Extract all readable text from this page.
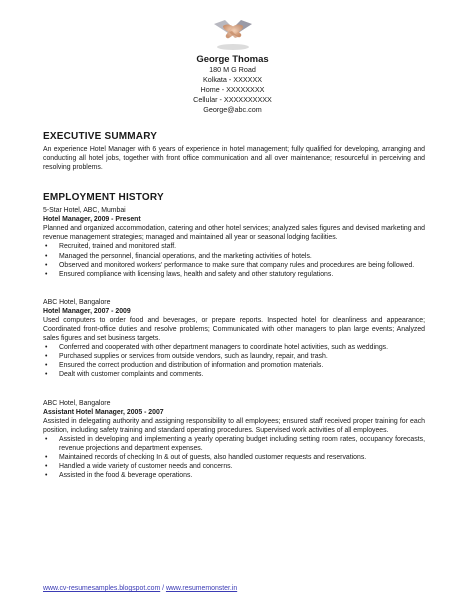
George Thomas
180 M G Road
Kolkata - XXXXXX
Home - XXXXXXXX
Cellular - XXXXXXXXXX
George@abc.com
EXECUTIVE SUMMARY

An experience Hotel Manager with 6 years of experience in hotel management; fully qualified for developing, arranging and conducting all hotel jobs, together with front office communication and all over maintenance; resourceful in perceiving and resolving problems.

EMPLOYMENT HISTORY
5-Star Hotel, ABC, Mumbai
Hotel Manager, 2009 - Present

Planned and organized accommodation, catering and other hotel services; analyzed sales figures and devised marketing and revenue management strategies; managed and maintained all year or seasonal lodging facilities.

• Recruited, trained and monitored staff.
• Managed the personnel, financial operations, and the marketing activities of hotels.
• Observed and monitored workers' performance to make sure that company rules and procedures are being followed.
• Ensured compliance with licensing laws, health and safety and other statutory regulations.
ABC Hotel, Bangalore
Hotel Manager, 2007 - 2009

Used computers to order food and beverages, or prepare reports. Inspected hotel for cleanliness and appearance; Coordinated front-office duties and resolve problems; Communicated with other managers to plan large events; Analyzed sales figures and set business targets.

• Conferred and cooperated with other department managers to coordinate hotel activities, such as weddings.
• Purchased supplies or services from outside vendors, such as laundry, repair, and trash.
• Ensured the correct production and distribution of information and promotion materials.
• Dealt with customer complaints and comments.
ABC Hotel, Bangalore
Assistant Hotel Manager, 2005 - 2007

Assisted in delegating authority and assigning responsibility to all employees; ensured staff received proper training for each position, including safety training and standard operating procedures. Supervised work activities of all employees.

• Assisted in developing and implementing a yearly operating budget including setting room rates, occupancy forecasts, revenue projections and department expenses.
• Maintained records of checking In & out of guests, also handled customer requests and reservations.
• Handled a wide variety of customer needs and concerns.
• Assisted in the food & beverage operations.
www.cv-resumesamples.blogspot.com / www.resumemonster.in
